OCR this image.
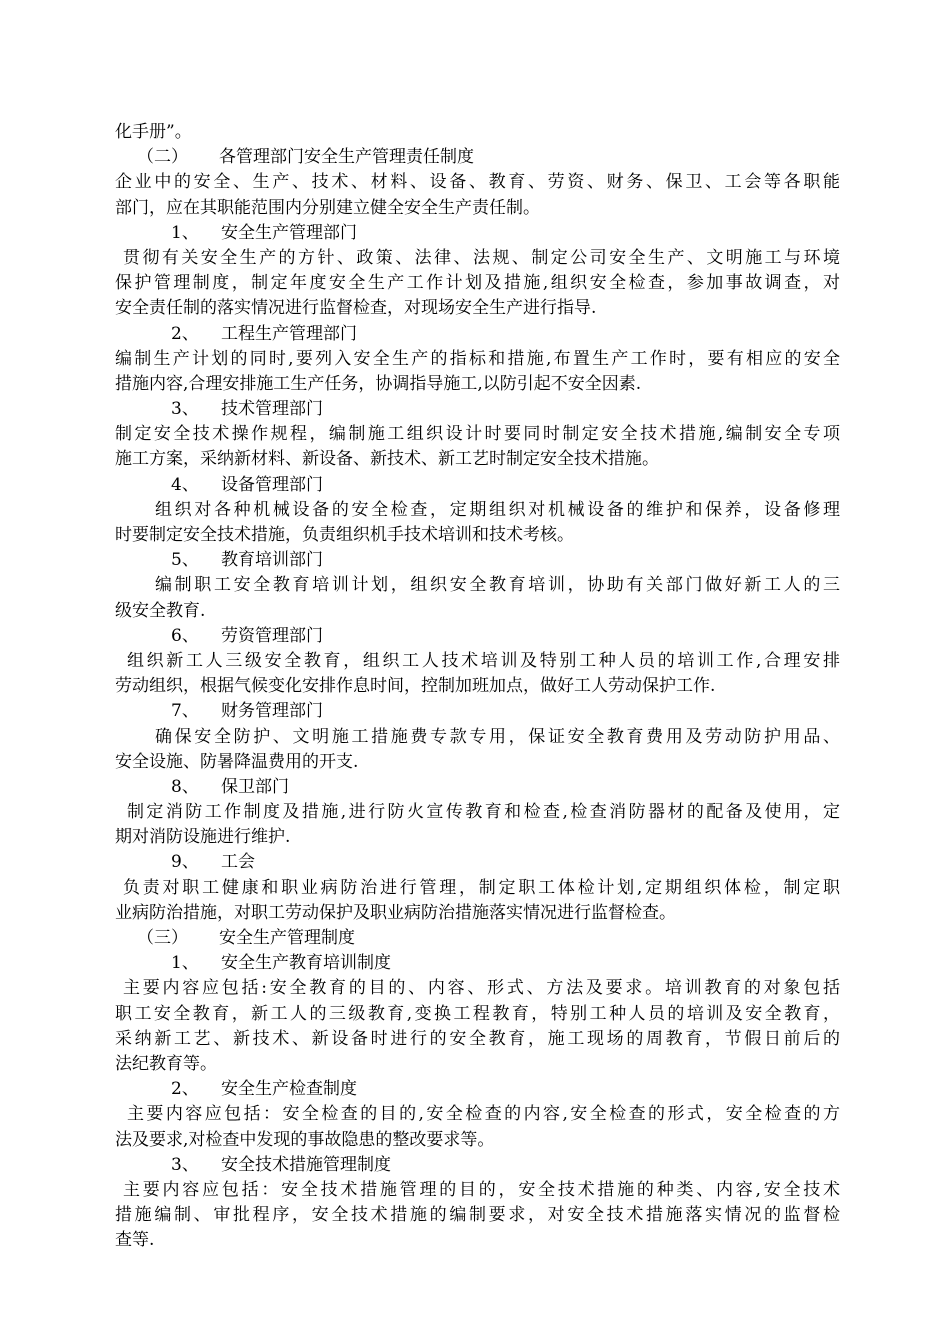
化手册”。
（二） 各管理部门安全生产管理责任制度
企业中的安全、生产、技术、材料、设备、教育、劳资、财务、保卫、工会等各职能
部门，应在其职能范围内分别建立健全安全生产责任制。
1、 安全生产管理部门
贯彻有关安全生产的方针、政策、法律、法规、制定公司安全生产、文明施工与环境
保护管理制度，制定年度安全生产工作计划及措施,组织安全检查，参加事故调查，对
安全责任制的落实情况进行监督检查，对现场安全生产进行指导.
2、 工程生产管理部门
编制生产计划的同时,要列入安全生产的指标和措施,布置生产工作时，要有相应的安全
措施内容,合理安排施工生产任务，协调指导施工,以防引起不安全因素.
3、 技术管理部门
制定安全技术操作规程，编制施工组织设计时要同时制定安全技术措施,编制安全专项
施工方案，采纳新材料、新设备、新技术、新工艺时制定安全技术措施。
4、 设备管理部门
组织对各种机械设备的安全检查，定期组织对机械设备的维护和保养，设备修理
时要制定安全技术措施，负责组织机手技术培训和技术考核。
5、 教育培训部门
编制职工安全教育培训计划，组织安全教育培训，协助有关部门做好新工人的三
级安全教育.
6、 劳资管理部门
组织新工人三级安全教育，组织工人技术培训及特别工种人员的培训工作,合理安排
劳动组织，根据气候变化安排作息时间，控制加班加点，做好工人劳动保护工作.
7、 财务管理部门
确保安全防护、文明施工措施费专款专用，保证安全教育费用及劳动防护用品、
安全设施、防暑降温费用的开支.
8、 保卫部门
制定消防工作制度及措施,进行防火宣传教育和检查,检查消防器材的配备及使用，定
期对消防设施进行维护.
9、 工会
负责对职工健康和职业病防治进行管理，制定职工体检计划,定期组织体检，制定职
业病防治措施，对职工劳动保护及职业病防治措施落实情况进行监督检查。
（三） 安全生产管理制度
1、 安全生产教育培训制度
主要内容应包括:安全教育的目的、内容、形式、方法及要求。培训教育的对象包括
职工安全教育，新工人的三级教育,变换工程教育，特别工种人员的培训及安全教育，
采纳新工艺、新技术、新设备时进行的安全教育，施工现场的周教育，节假日前后的
法纪教育等。
2、 安全生产检查制度
主要内容应包括：安全检查的目的,安全检查的内容,安全检查的形式，安全检查的方
法及要求,对检查中发现的事故隐患的整改要求等。
3、 安全技术措施管理制度
主要内容应包括：安全技术措施管理的目的，安全技术措施的种类、内容,安全技术
措施编制、审批程序，安全技术措施的编制要求，对安全技术措施落实情况的监督检
查等.
